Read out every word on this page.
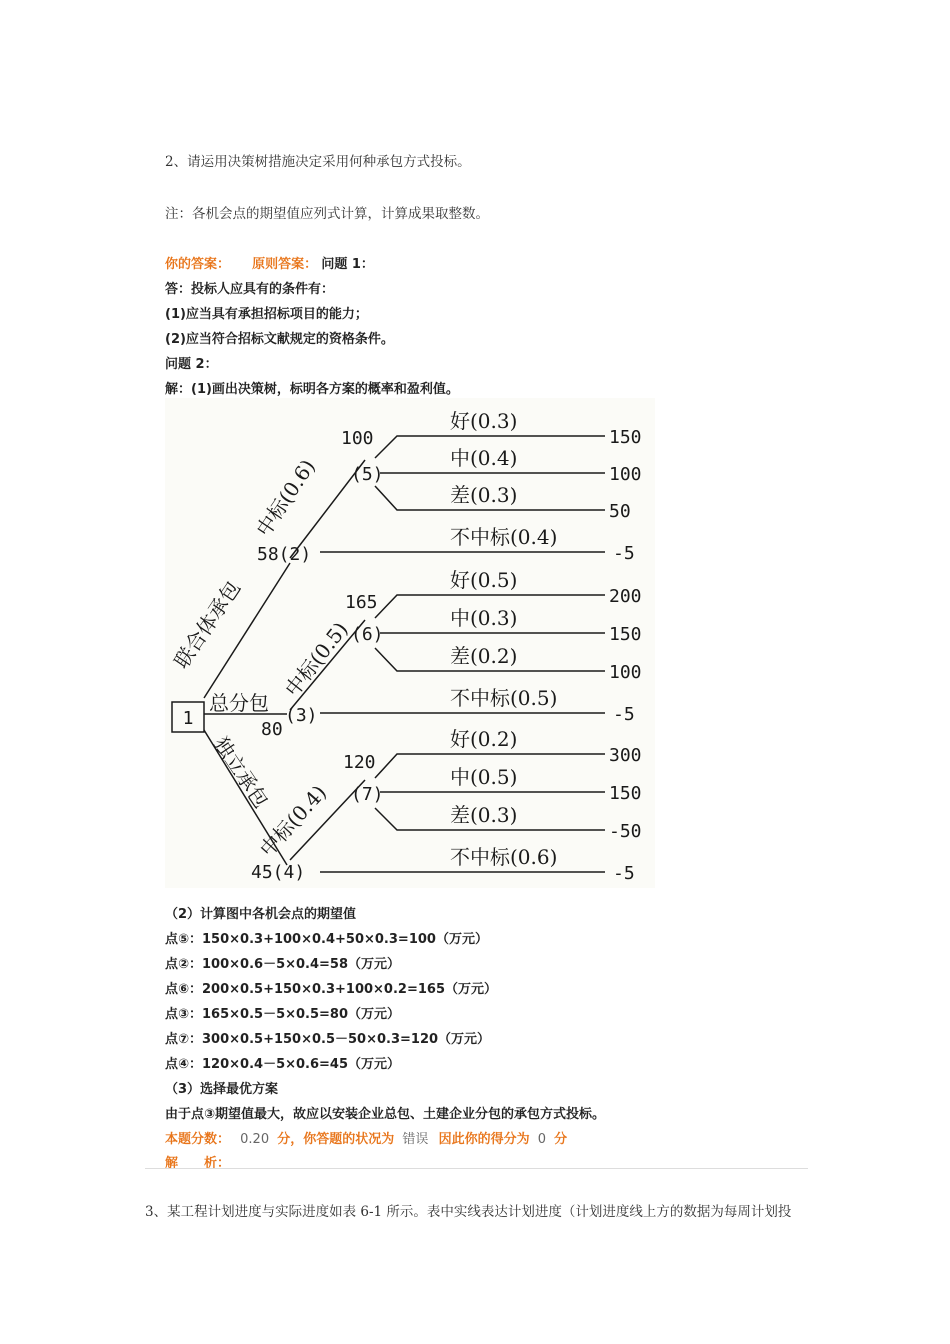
2、请运用决策树措施决定采用何种承包方式投标。
注：各机会点的期望值应列式计算，计算成果取整数。
你的答案： 原则答案： 问题 1：
答：投标人应具有的条件有：
(1)应当具有承担招标项目的能力；
(2)应当符合招标文献规定的资格条件。
问题 2：
解：(1)画出决策树，标明各方案的概率和盈利值。
1
联合体承包
中标(0.6)
总分包
中标(0.5)
独立承包
中标(0.4)
58(2)
(3)
80
45(4)
100
(5)
165
(6)
120
(7)
好(0.3)
中(0.4)
差(0.3)
不中标(0.4)
好(0.5)
中(0.3)
差(0.2)
不中标(0.5)
好(0.2)
中(0.5)
差(0.3)
不中标(0.6)
150
100
50
-5
200
150
100
-5
300
150
-50
-5
（2）计算图中各机会点的期望值
点⑤：150×0.3+100×0.4+50×0.3=100（万元）
点②：100×0.6－5×0.4=58（万元）
点⑥：200×0.5+150×0.3+100×0.2=165（万元）
点③：165×0.5－5×0.5=80（万元）
点⑦：300×0.5+150×0.5－50×0.3=120（万元）
点④：120×0.4－5×0.6=45（万元）
（3）选择最优方案
由于点③期望值最大，故应以安装企业总包、土建企业分包的承包方式投标。
本题分数： 0.20 分，你答题的状况为 错误 因此你的得分为 0 分
解　　析：
3、某工程计划进度与实际进度如表 6-1 所示。表中实线表达计划进度（计划进度线上方的数据为每周计划投
